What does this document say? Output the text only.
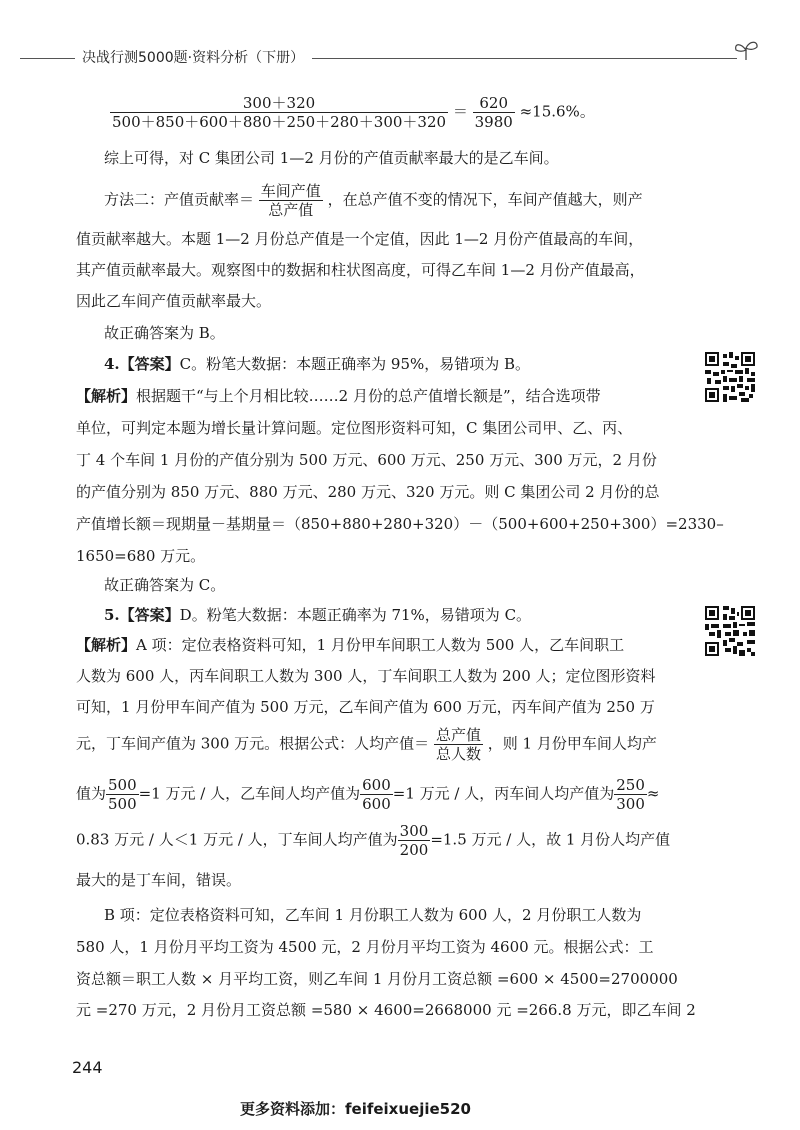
决战行测5000题·资料分析（下册）
$\frac{300+320}{500+850+600+880+250+280+300+320} = \frac{620}{3980} \approx 15.6\%$。
综上可得，对 C 集团公司 1—2 月份的产值贡献率最大的是乙车间。
方法二：产值贡献率＝ $\frac{\text{车间产值}}{\text{总产值}}$ ，在总产值不变的情况下，车间产值越大，则产
值贡献率越大。本题 1—2 月份总产值是一个定值，因此 1—2 月份产值最高的车间，
其产值贡献率最大。观察图中的数据和柱状图高度，可得乙车间 1—2 月份产值最高，
因此乙车间产值贡献率最大。
故正确答案为 B。
4.【答案】C。粉笔大数据：本题正确率为 95%，易错项为 B。
【解析】根据题干“与上个月相比较……2 月份的总产值增长额是”，结合选项带
单位，可判定本题为增长量计算问题。定位图形资料可知，C 集团公司甲、乙、丙、
丁 4 个车间 1 月份的产值分别为 500 万元、600 万元、250 万元、300 万元，2 月份
的产值分别为 850 万元、880 万元、280 万元、320 万元。则 C 集团公司 2 月份的总
产值增长额＝现期量－基期量＝（850+880+280+320）－（500+600+250+300）=2330–
1650=680 万元。
故正确答案为 C。
5.【答案】D。粉笔大数据：本题正确率为 71%，易错项为 C。
【解析】A 项：定位表格资料可知，1 月份甲车间职工人数为 500 人，乙车间职工
人数为 600 人，丙车间职工人数为 300 人，丁车间职工人数为 200 人；定位图形资料
可知，1 月份甲车间产值为 500 万元，乙车间产值为 600 万元，丙车间产值为 250 万
元，丁车间产值为 300 万元。根据公式：人均产值＝ $\frac{\text{总产值}}{\text{总人数}}$ ，则 1 月份甲车间人均产
值为 $\frac{500}{500} =1$ 万元 / 人，乙车间人均产值为 $\frac{600}{600} =1$ 万元 / 人，丙车间人均产值为 $\frac{250}{300}$ ≈
0.83 万元 / 人＜1 万元 / 人，丁车间人均产值为 $\frac{300}{200} =1.5$ 万元 / 人，故 1 月份人均产值
最大的是丁车间，错误。
B 项：定位表格资料可知，乙车间 1 月份职工人数为 600 人，2 月份职工人数为
580 人，1 月份月平均工资为 4500 元，2 月份月平均工资为 4600 元。根据公式：工
资总额＝职工人数 × 月平均工资，则乙车间 1 月份月工资总额 =600 × 4500=2700000
元 =270 万元，2 月份月工资总额 =580 × 4600=2668000 元 =266.8 万元，即乙车间 2
244
更多资料添加：feifeixuejie520
